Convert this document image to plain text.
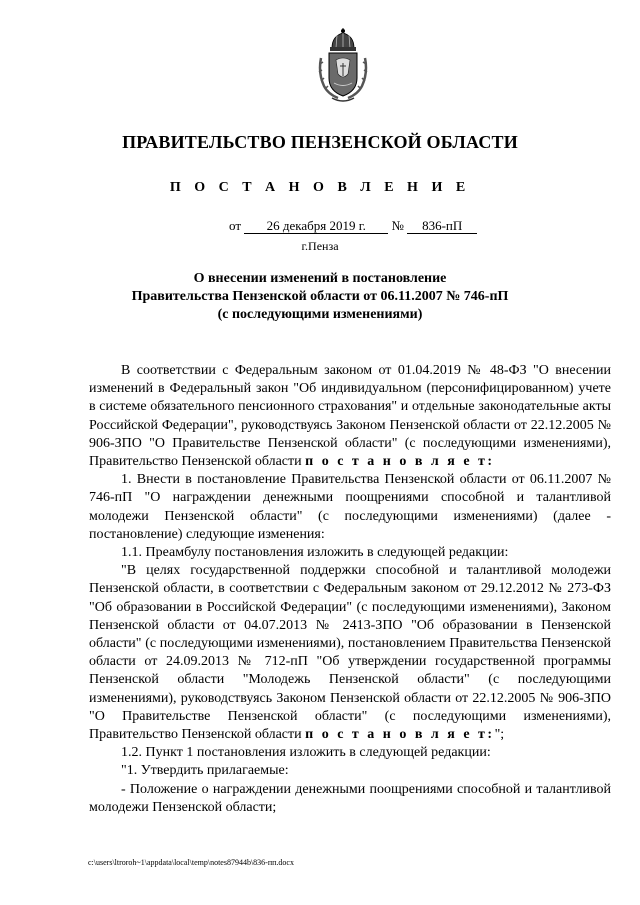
ПРАВИТЕЛЬСТВО ПЕНЗЕНСКОЙ ОБЛАСТИ
П О С Т А Н О В Л Е Н И Е
от 26 декабря 2019 г. № 836-пП
г.Пенза
О внесении изменений в постановление
Правительства Пензенской области от 06.11.2007 № 746-пП
(с последующими изменениями)

В соответствии с Федеральным законом от 01.04.2019 № 48-ФЗ "О внесении изменений в Федеральный закон "Об индивидуальном (персонифицированном) учете в системе обязательного пенсионного страхования" и отдельные законодательные акты Российской Федерации", руководствуясь Законом Пензенской области от 22.12.2005 № 906-ЗПО "О Правительстве Пензенской области" (с последующими изменениями), Правительство Пензенской области п о с т а н о в л я е т:

1. Внести в постановление Правительства Пензенской области от 06.11.2007 № 746-пП "О награждении денежными поощрениями способной и талантливой молодежи Пензенской области" (с последующими изменениями) (далее - постановление) следующие изменения:

1.1. Преамбулу постановления изложить в следующей редакции:

"В целях государственной поддержки способной и талантливой молодежи Пензенской области, в соответствии с Федеральным законом от 29.12.2012 № 273-ФЗ "Об образовании в Российской Федерации" (с последующими изменениями), Законом Пензенской области от 04.07.2013 № 2413-ЗПО "Об образовании в Пензенской области" (с последующими изменениями), постановлением Правительства Пензенской области от 24.09.2013 № 712-пП "Об утверждении государственной программы Пензенской области "Молодежь Пензенской области" (с последующими изменениями), руководствуясь Законом Пензенской области от 22.12.2005 № 906-ЗПО "О Правительстве Пензенской области" (с последующими изменениями), Правительство Пензенской области п о с т а н о в л я е т:";

1.2. Пункт 1 постановления изложить в следующей редакции:

"1. Утвердить прилагаемые:

- Положение о награждении денежными поощрениями способной и талантливой молодежи Пензенской области;

c:\users\ltroroh~1\appdata\local\temp\notes87944b\836-пп.docx
